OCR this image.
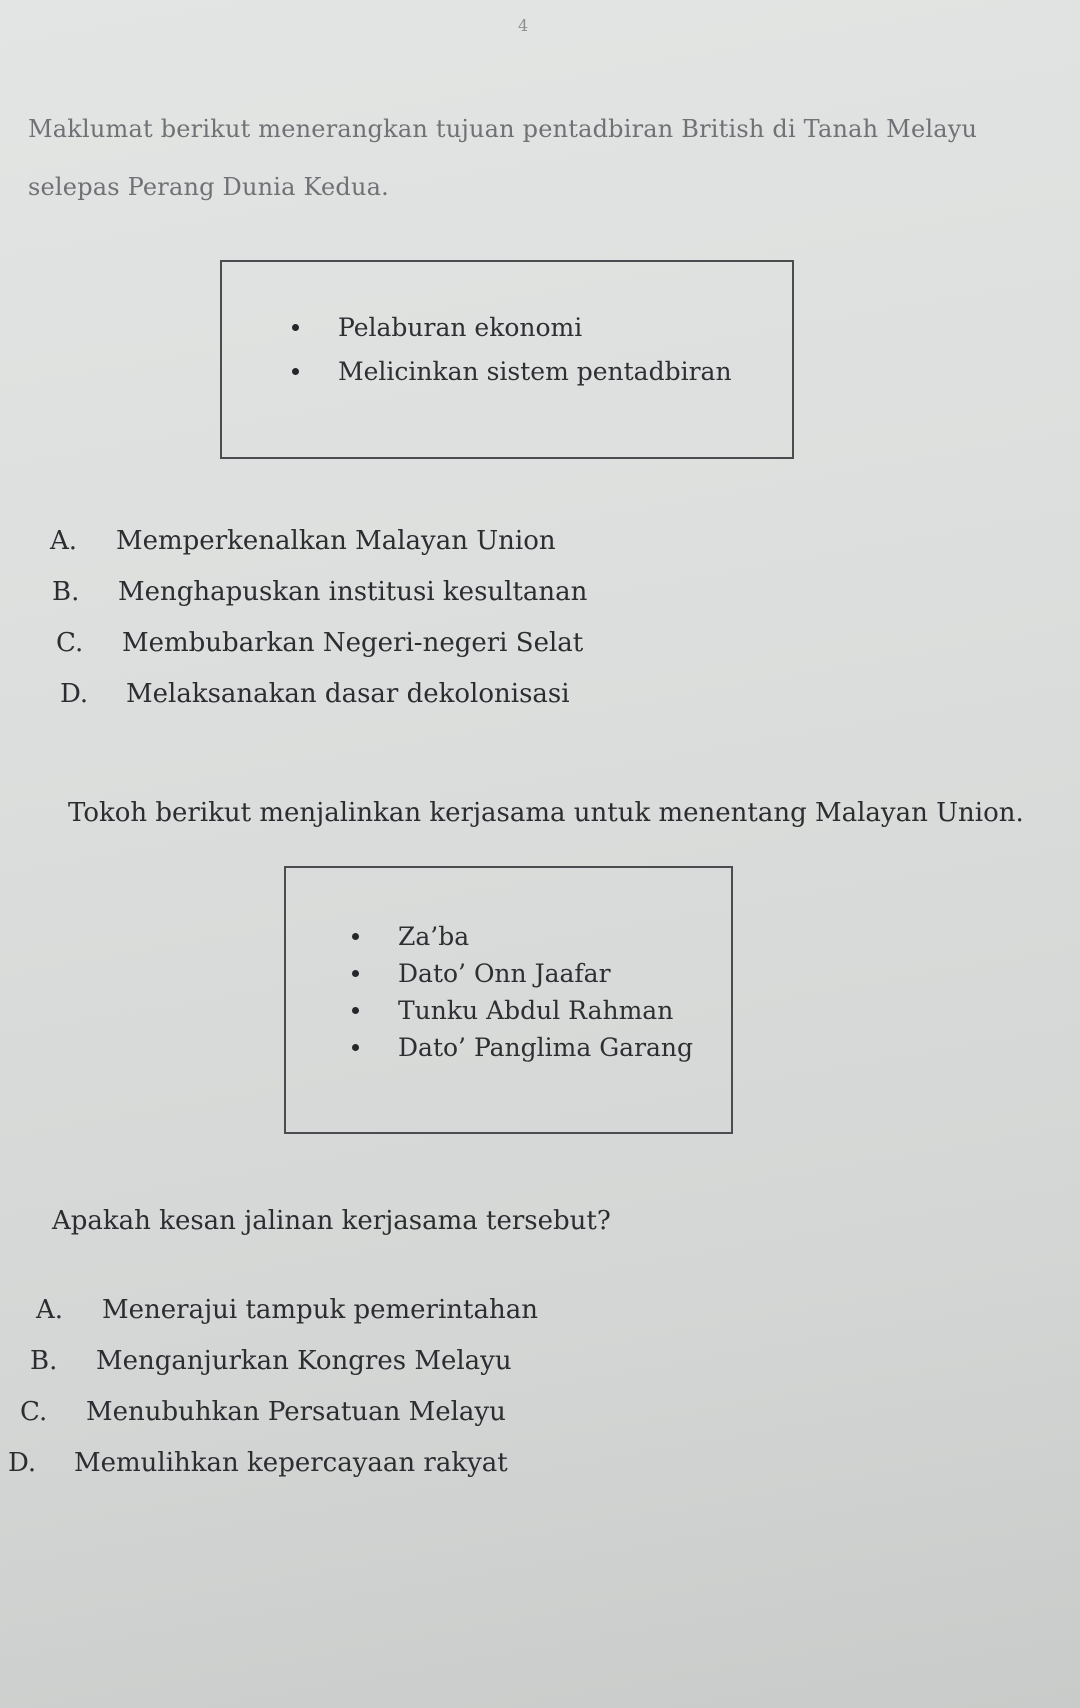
4
Maklumat berikut menerangkan tujuan pentadbiran British di Tanah Melayu selepas Perang Dunia Kedua.
Pelaburan ekonomi
Melicinkan sistem pentadbiran
A. Memperkenalkan Malayan Union
B. Menghapuskan institusi kesultanan
C. Membubarkan Negeri-negeri Selat
D. Melaksanakan dasar dekolonisasi
Tokoh berikut menjalinkan kerjasama untuk menentang Malayan Union.
Za’ba
Dato’ Onn Jaafar
Tunku Abdul Rahman
Dato’ Panglima Garang
Apakah kesan jalinan kerjasama tersebut?
A. Menerajui tampuk pemerintahan
B. Menganjurkan Kongres Melayu
C. Menubuhkan Persatuan Melayu
D. Memulihkan kepercayaan rakyat
